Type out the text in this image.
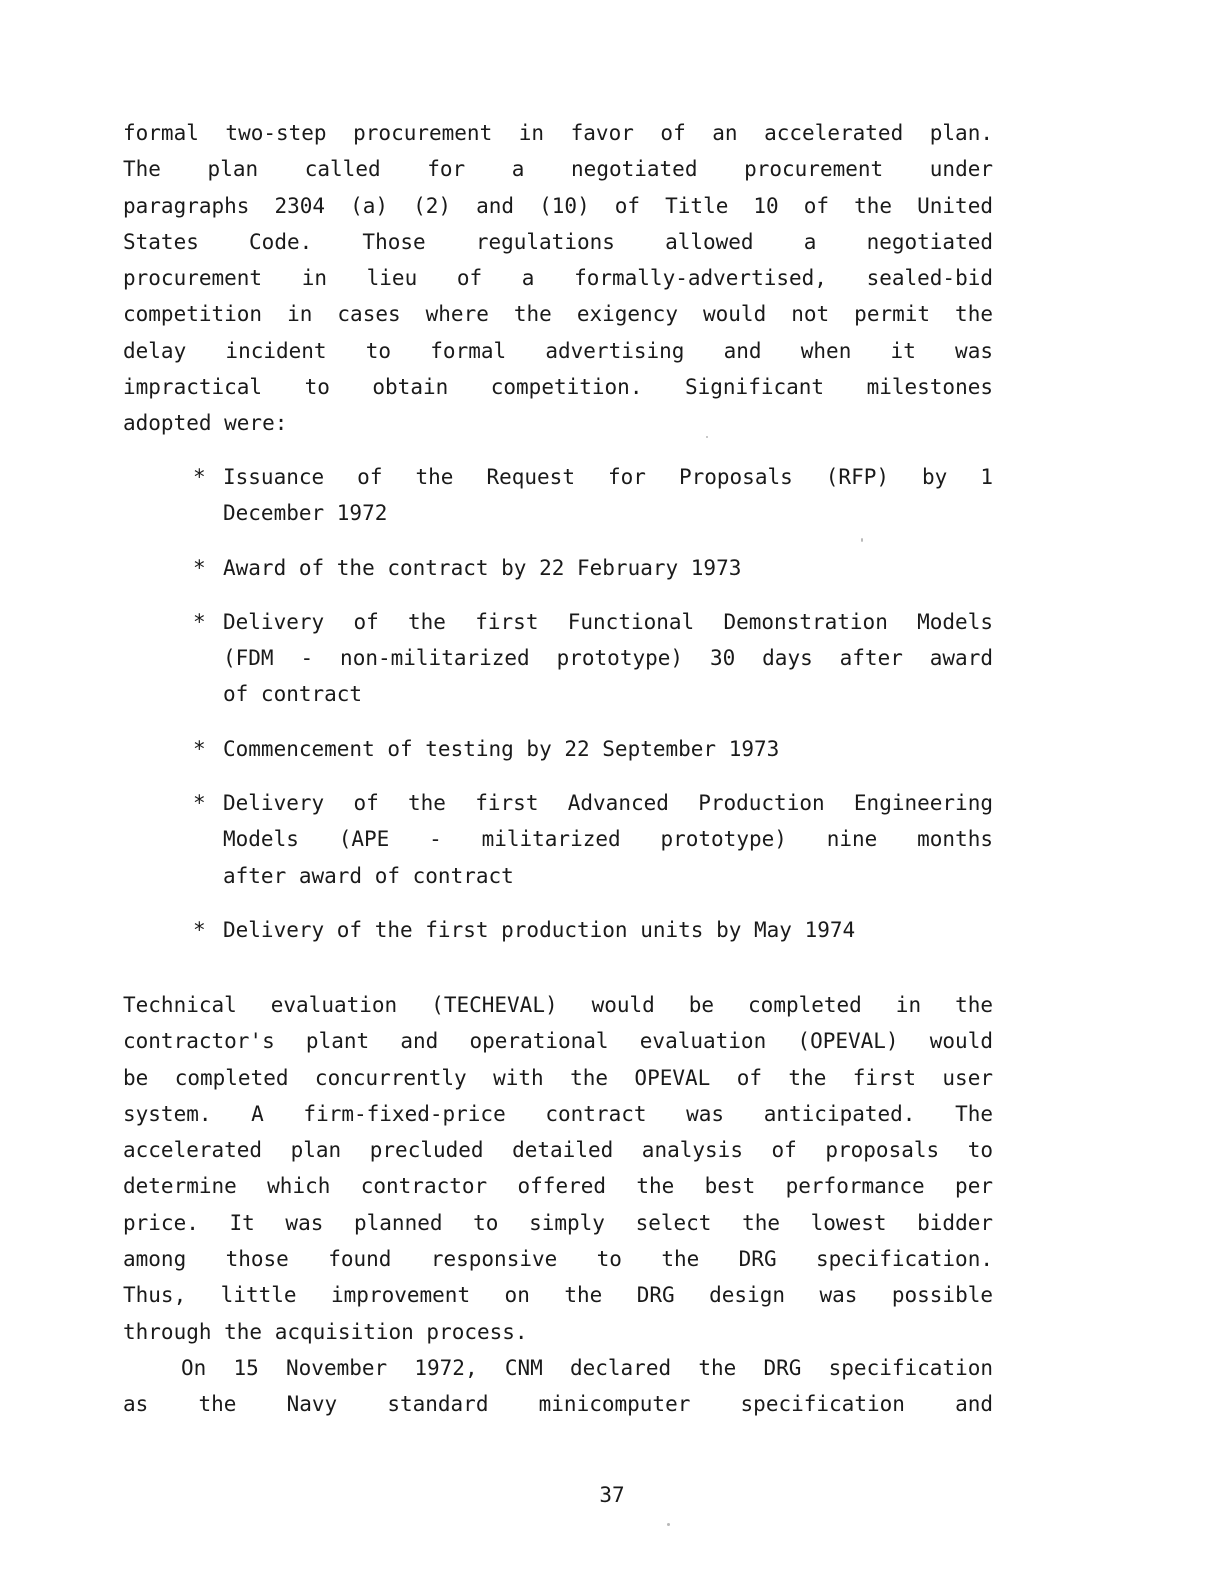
formal two-step procurement in favor of an accelerated plan.
The plan called for a negotiated procurement under
paragraphs 2304 (a) (2) and (10) of Title 10 of the United
States Code. Those regulations allowed a negotiated
procurement in lieu of a formally-advertised, sealed-bid
competition in cases where the exigency would not permit the
delay incident to formal advertising and when it was
impractical to obtain competition. Significant milestones
adopted were:
* Issuance of the Request for Proposals (RFP) by 1
December 1972
* Award of the contract by 22 February 1973
* Delivery of the first Functional Demonstration Models
(FDM - non-militarized prototype) 30 days after award
of contract
* Commencement of testing by 22 September 1973
* Delivery of the first Advanced Production Engineering
Models (APE - militarized prototype) nine months
after award of contract
* Delivery of the first production units by May 1974
Technical evaluation (TECHEVAL) would be completed in the
contractor's plant and operational evaluation (OPEVAL) would
be completed concurrently with the OPEVAL of the first user
system. A firm-fixed-price contract was anticipated. The
accelerated plan precluded detailed analysis of proposals to
determine which contractor offered the best performance per
price. It was planned to simply select the lowest bidder
among those found responsive to the DRG specification.
Thus, little improvement on the DRG design was possible
through the acquisition process.
On 15 November 1972, CNM declared the DRG specification
as the Navy standard minicomputer specification and
37
